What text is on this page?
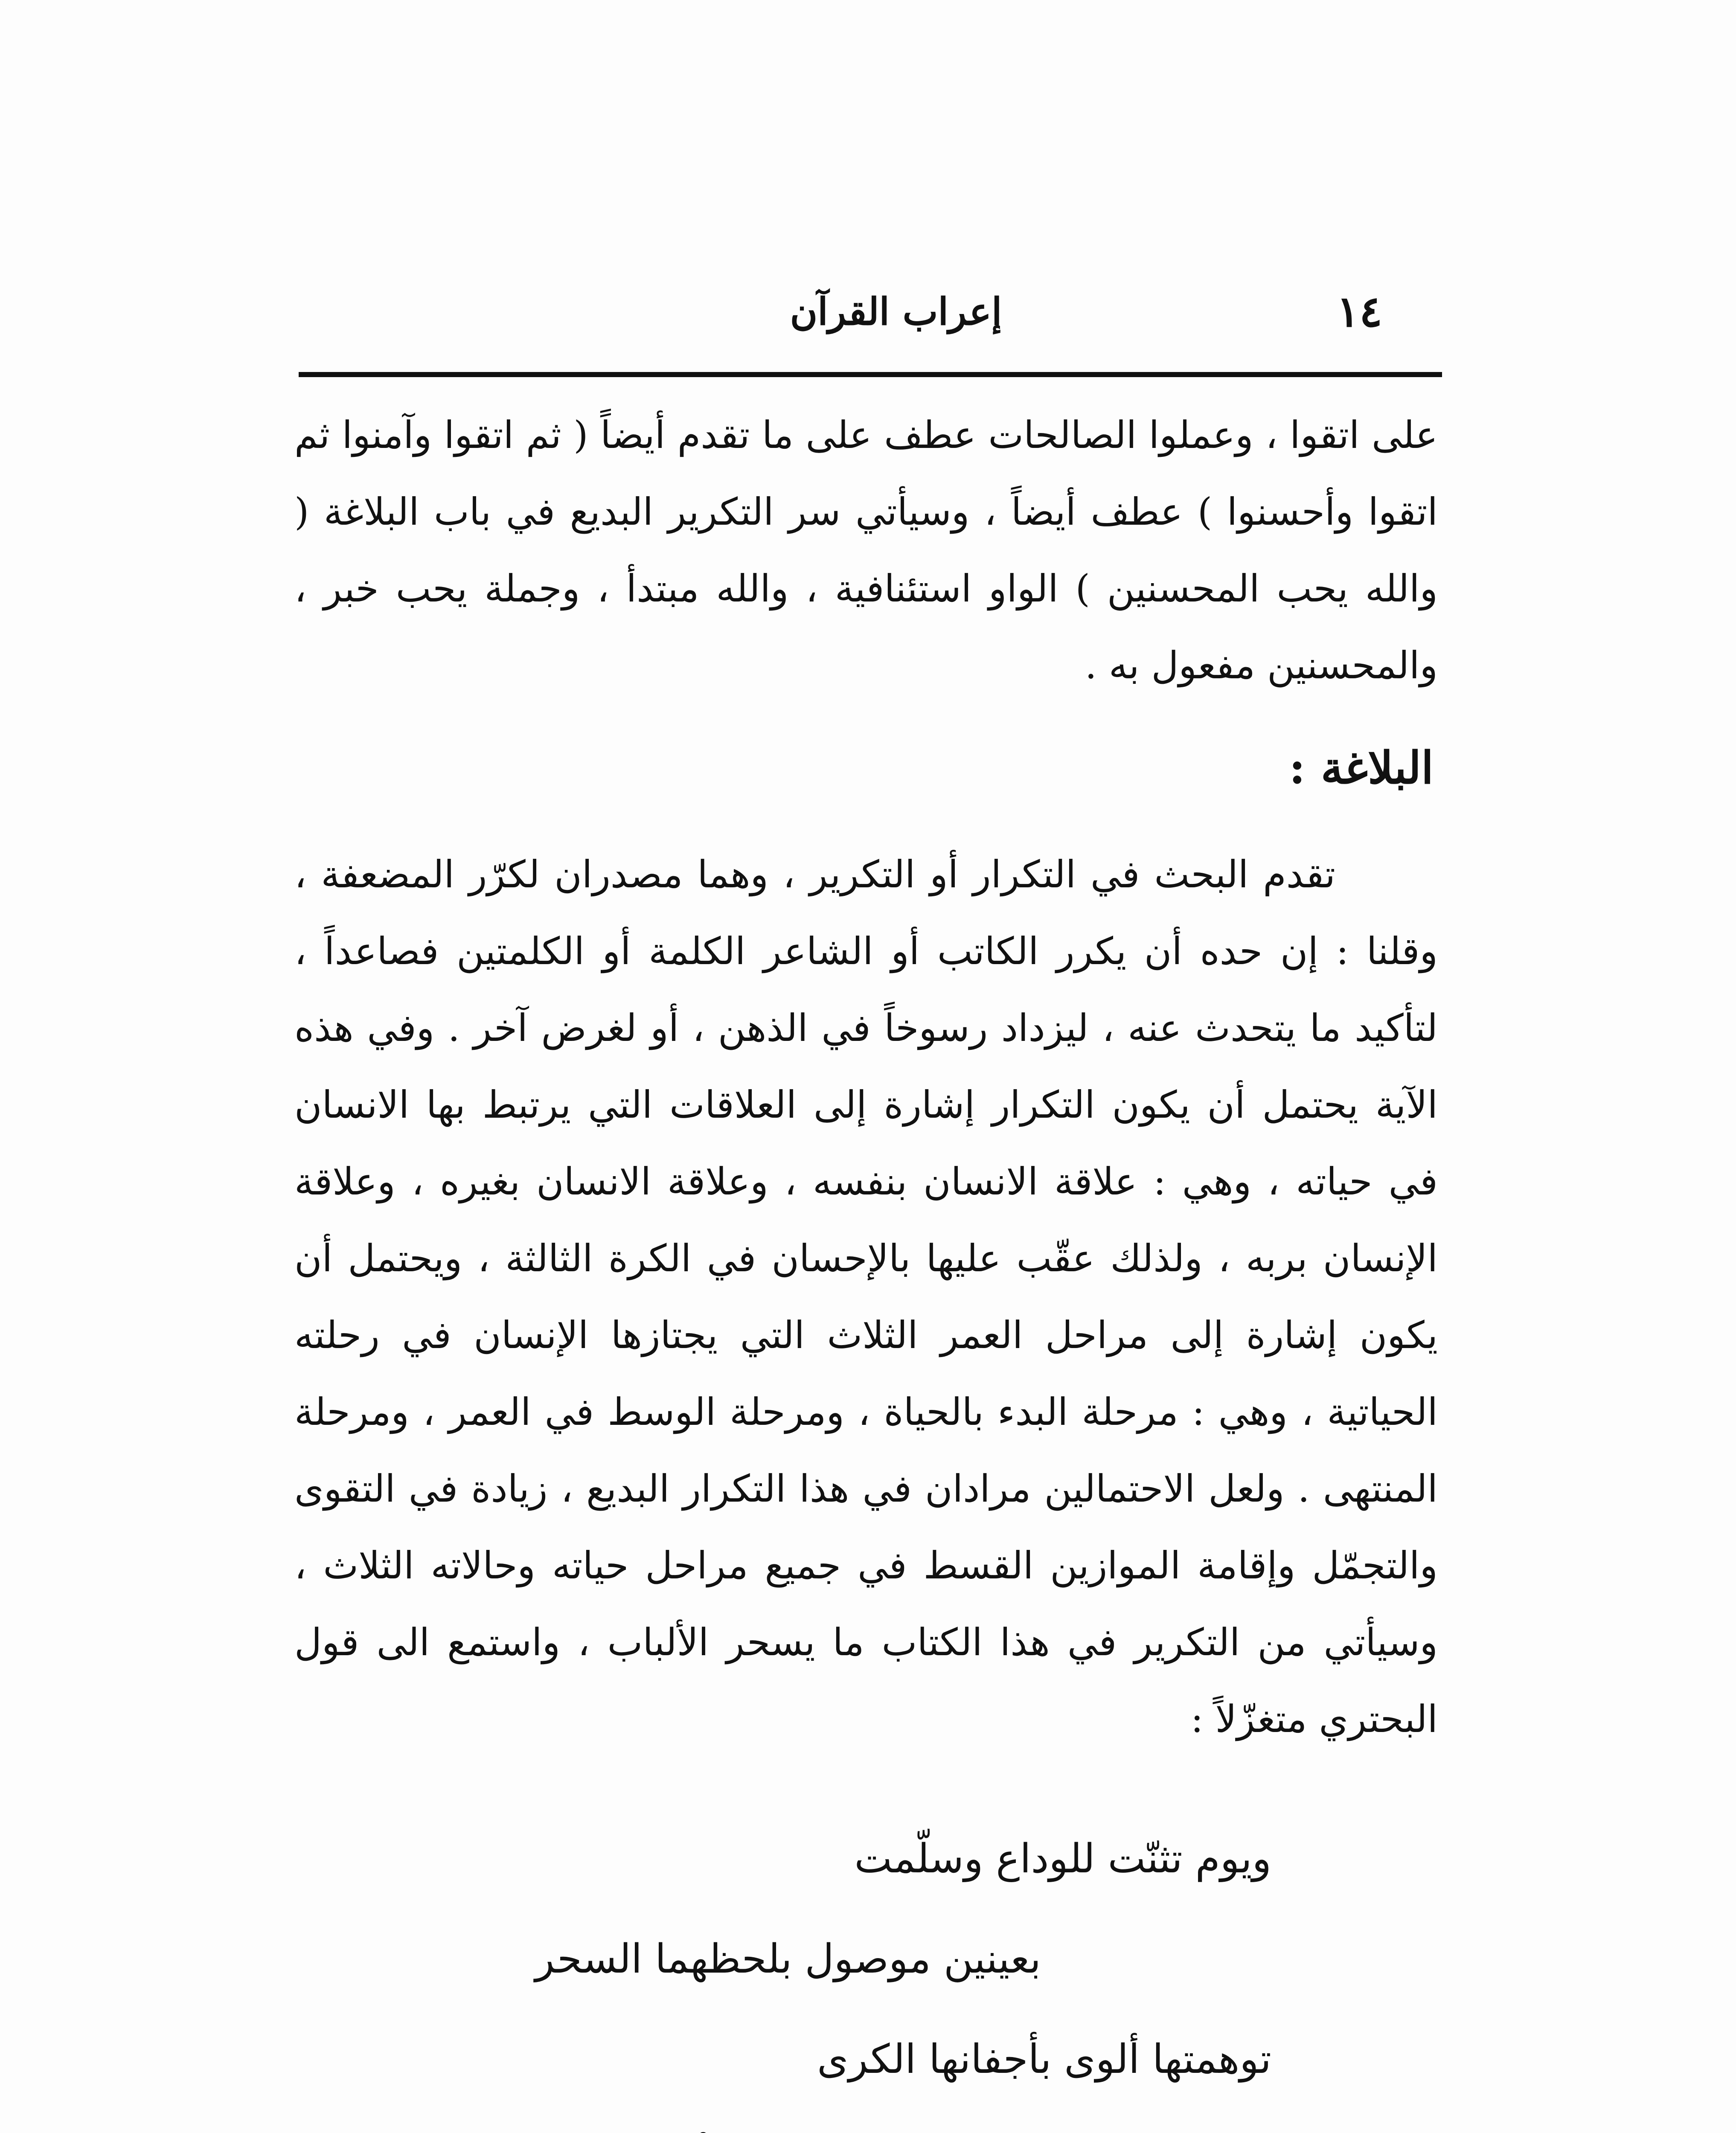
١٤
إعراب القرآن

على اتقوا ، وعملوا الصالحات عطف على ما تقدم أيضاً ( ثم اتقوا وآمنوا ثم اتقوا وأحسنوا ) عطف أيضاً ، وسيأتي سر التكرير البديع في باب البلاغة ( والله يحب المحسنين ) الواو استئنافية ، والله مبتدأ ، وجملة يحب خبر ، والمحسنين مفعول به .

البلاغة :

تقدم البحث في التكرار أو التكرير ، وهما مصدران لكرّر المضعفة ، وقلنا : إن حده أن يكرر الكاتب أو الشاعر الكلمة أو الكلمتين فصاعداً ، لتأكيد ما يتحدث عنه ، ليزداد رسوخاً في الذهن ، أو لغرض آخر . وفي هذه الآية يحتمل أن يكون التكرار إشارة إلى العلاقات التي يرتبط بها الانسان في حياته ، وهي : علاقة الانسان بنفسه ، وعلاقة الانسان بغيره ، وعلاقة الإنسان بربه ، ولذلك عقّب عليها بالإحسان في الكرة الثالثة ، ويحتمل أن يكون إشارة إلى مراحل العمر الثلاث التي يجتازها الإنسان في رحلته الحياتية ، وهي : مرحلة البدء بالحياة ، ومرحلة الوسط في العمر ، ومرحلة المنتهى . ولعل الاحتمالين مرادان في هذا التكرار البديع ، زيادة في التقوى والتجمّل وإقامة الموازين القسط في جميع مراحل حياته وحالاته الثلاث ، وسيأتي من التكرير في هذا الكتاب ما يسحر الألباب ، واستمع الى قول البحتري متغزّلاً :

ويوم تثنّت للوداع وسلّمت
بعينين موصول بلحظهما السحر
توهمتها ألوى بأجفانها الكرى
